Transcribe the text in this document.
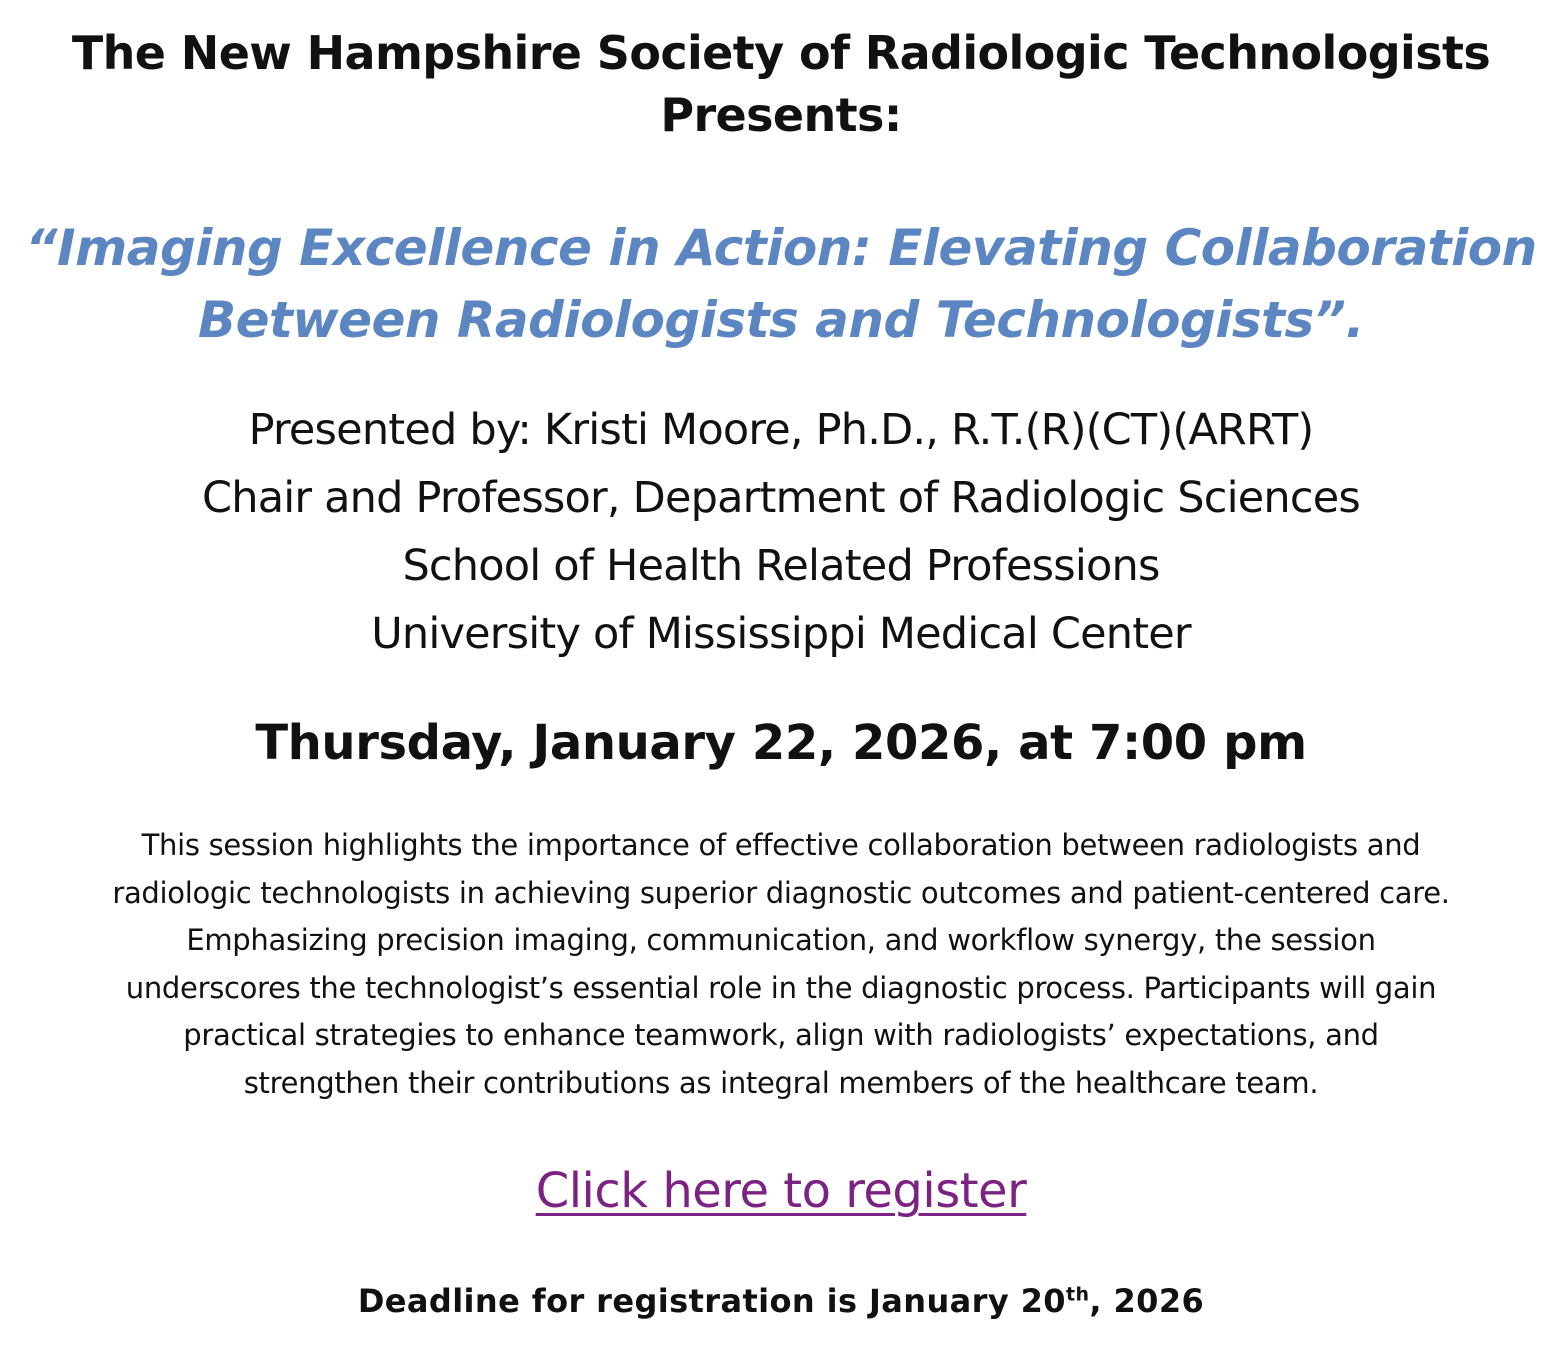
The New Hampshire Society of Radiologic Technologists
Presents:
“Imaging Excellence in Action: Elevating Collaboration
Between Radiologists and Technologists”.
Presented by: Kristi Moore, Ph.D., R.T.(R)(CT)(ARRT)
Chair and Professor, Department of Radiologic Sciences
School of Health Related Professions
University of Mississippi Medical Center
Thursday, January 22, 2026, at 7:00 pm
This session highlights the importance of effective collaboration between radiologists and
radiologic technologists in achieving superior diagnostic outcomes and patient-centered care.
Emphasizing precision imaging, communication, and workflow synergy, the session
underscores the technologist’s essential role in the diagnostic process. Participants will gain
practical strategies to enhance teamwork, align with radiologists’ expectations, and
strengthen their contributions as integral members of the healthcare team.
Click here to register
Deadline for registration is January 20th, 2026
